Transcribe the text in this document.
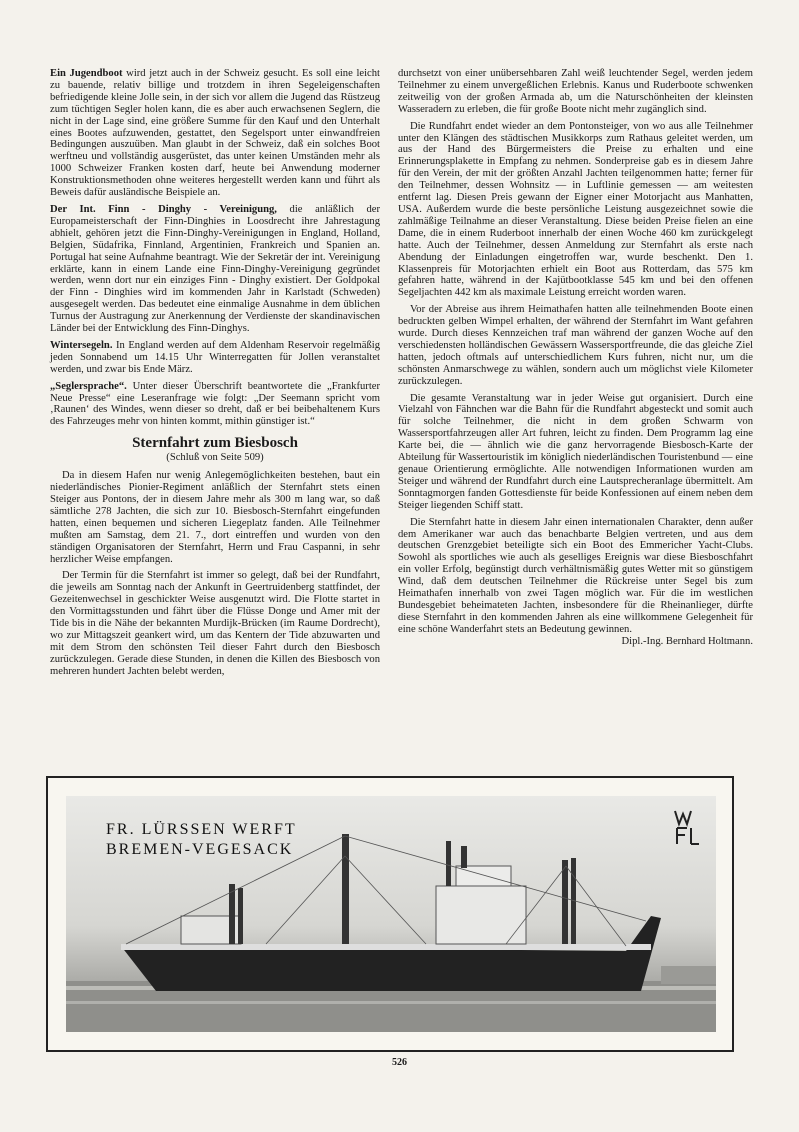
Ein Jugendboot wird jetzt auch in der Schweiz gesucht. Es soll eine leicht zu bauende, relativ billige und trotzdem in ihren Segeleigenschaften befriedigende kleine Jolle sein, in der sich vor allem die Jugend das Rüstzeug zum tüchtigen Segler holen kann, die es aber auch erwachsenen Seglern, die nicht in der Lage sind, eine größere Summe für den Kauf und den Unterhalt eines Bootes aufzuwenden, gestattet, den Segelsport unter einwandfreien Bedingungen auszuüben. Man glaubt in der Schweiz, daß ein solches Boot werftneu und vollständig ausgerüstet, das unter keinen Umständen mehr als 1000 Schweizer Franken kosten darf, heute bei Anwendung moderner Konstruktionsmethoden ohne weiteres hergestellt werden kann und führt als Beweis dafür ausländische Beispiele an.

Der Int. Finn - Dinghy - Vereinigung, die anläßlich der Europameisterschaft der Finn-Dinghies in Loosdrecht ihre Jahrestagung abhielt, gehören jetzt die Finn-Dinghy-Vereinigungen in England, Holland, Belgien, Südafrika, Finnland, Argentinien, Frankreich und Spanien an. Portugal hat seine Aufnahme beantragt. Wie der Sekretär der int. Vereinigung erklärte, kann in einem Lande eine Finn-Dinghy-Vereinigung gegründet werden, wenn dort nur ein einziges Finn - Dinghy existiert. Der Goldpokal der Finn - Dinghies wird im kommenden Jahr in Karlstadt (Schweden) ausgesegelt werden. Das bedeutet eine einmalige Ausnahme in dem üblichen Turnus der Austragung zur Anerkennung der Verdienste der skandinavischen Länder bei der Entwicklung des Finn-Dinghys.

Wintersegeln. In England werden auf dem Aldenham Reservoir regelmäßig jeden Sonnabend um 14.15 Uhr Winterregatten für Jollen veranstaltet werden, und zwar bis Ende März.

„Seglersprache“. Unter dieser Überschrift beantwortete die „Frankfurter Neue Presse“ eine Leseranfrage wie folgt: „Der Seemann spricht vom ‚Raunen‘ des Windes, wenn dieser so dreht, daß er bei beibehaltenem Kurs des Fahrzeuges mehr von hinten kommt, mithin günstiger ist.“

Sternfahrt zum Biesbosch
(Schluß von Seite 509)

Da in diesem Hafen nur wenig Anlegemöglichkeiten bestehen, baut ein niederländisches Pionier-Regiment anläßlich der Sternfahrt stets einen Steiger aus Pontons, der in diesem Jahre mehr als 300 m lang war, so daß sämtliche 278 Jachten, die sich zur 10. Biesbosch-Sternfahrt eingefunden hatten, einen bequemen und sicheren Liegeplatz fanden. Alle Teilnehmer mußten am Samstag, dem 21. 7., dort eintreffen und wurden von den ständigen Organisatoren der Sternfahrt, Herrn und Frau Caspanni, in sehr herzlicher Weise empfangen.

Der Termin für die Sternfahrt ist immer so gelegt, daß bei der Rundfahrt, die jeweils am Sonntag nach der Ankunft in Geertruidenberg stattfindet, der Gezeitenwechsel in geschickter Weise ausgenutzt wird. Die Flotte startet in den Vormittagsstunden und fährt über die Flüsse Donge und Amer mit der Tide bis in die Nähe der bekannten Murdijk-Brücken (im Raume Dordrecht), wo zur Mittagszeit geankert wird, um das Kentern der Tide abzuwarten und mit dem Strom den schönsten Teil dieser Fahrt durch den Biesbosch zurückzulegen. Gerade diese Stunden, in denen die Killen des Biesbosch von mehreren hundert Jachten belebt werden,

durchsetzt von einer unübersehbaren Zahl weiß leuchtender Segel, werden jedem Teilnehmer zu einem unvergeßlichen Erlebnis. Kanus und Ruderboote schwenken zeitweilig von der großen Armada ab, um die Naturschönheiten der kleinsten Wasseradern zu erleben, die für große Boote nicht mehr zugänglich sind.

Die Rundfahrt endet wieder an dem Pontonsteiger, von wo aus alle Teilnehmer unter den Klängen des städtischen Musikkorps zum Rathaus geleitet werden, um aus der Hand des Bürgermeisters die Preise zu erhalten und eine Erinnerungsplakette in Empfang zu nehmen. Sonderpreise gab es in diesem Jahre für den Verein, der mit der größten Anzahl Jachten teilgenommen hatte; ferner für den Teilnehmer, dessen Wohnsitz — in Luftlinie gemessen — am weitesten entfernt lag. Diesen Preis gewann der Eigner einer Motorjacht aus Manhatten, USA. Außerdem wurde die beste persönliche Leistung ausgezeichnet sowie die zahlmäßige Teilnahme an dieser Veranstaltung. Diese beiden Preise fielen an eine Dame, die in einem Ruderboot innerhalb der einen Woche 460 km zurückgelegt hatte. Auch der Teilnehmer, dessen Anmeldung zur Sternfahrt als erste nach Abendung der Einladungen eingetroffen war, wurde beschenkt. Den 1. Klassenpreis für Motorjachten erhielt ein Boot aus Rotterdam, das 575 km gefahren hatte, während in der Kajütbootklasse 545 km und bei den offenen Segeljachten 442 km als maximale Leistung erreicht worden waren.

Vor der Abreise aus ihrem Heimathafen hatten alle teilnehmenden Boote einen bedruckten gelben Wimpel erhalten, der während der Sternfahrt im Want gefahren wurde. Durch dieses Kennzeichen traf man während der ganzen Woche auf den verschiedensten holländischen Gewässern Wassersportfreunde, die das gleiche Ziel hatten, jedoch oftmals auf unterschiedlichem Kurs fuhren, nicht nur, um die schönsten Anmarschwege zu wählen, sondern auch um möglichst viele Kilometer zurückzulegen.

Die gesamte Veranstaltung war in jeder Weise gut organisiert. Durch eine Vielzahl von Fähnchen war die Bahn für die Rundfahrt abgesteckt und somit auch für solche Teilnehmer, die nicht in dem großen Schwarm von Wassersportfahrzeugen aller Art fuhren, leicht zu finden. Dem Programm lag eine Karte bei, die — ähnlich wie die ganz hervorragende Biesbosch-Karte der Abteilung für Wassertouristik im königlich niederländischen Touristenbund — eine genaue Orientierung ermöglichte. Alle notwendigen Informationen wurden am Steiger und während der Rundfahrt durch eine Lautsprecheranlage übermittelt. Am Sonntagmorgen fanden Gottesdienste für beide Konfessionen auf einem neben dem Steiger liegenden Schiff statt.

Die Sternfahrt hatte in diesem Jahr einen internationalen Charakter, denn außer dem Amerikaner war auch das benachbarte Belgien vertreten, und aus dem deutschen Grenzgebiet beteiligte sich ein Boot des Emmericher Yacht-Clubs. Sowohl als sportliches wie auch als geselliges Ereignis war diese Biesboschfahrt ein voller Erfolg, begünstigt durch verhältnismäßig gutes Wetter mit so günstigem Wind, daß dem deutschen Teilnehmer die Rückreise unter Segel bis zum Heimathafen innerhalb von zwei Tagen möglich war. Für die im westlichen Bundesgebiet beheimateten Jachten, insbesondere für die Rheinanlieger, dürfte diese Sternfahrt in den kommenden Jahren als eine willkommene Gelegenheit für eine schöne Wanderfahrt stets an Bedeutung gewinnen.
Dipl.-Ing. Bernhard Holtmann.

FR. LÜRSSEN WERFT
BREMEN-VEGESACK
526
